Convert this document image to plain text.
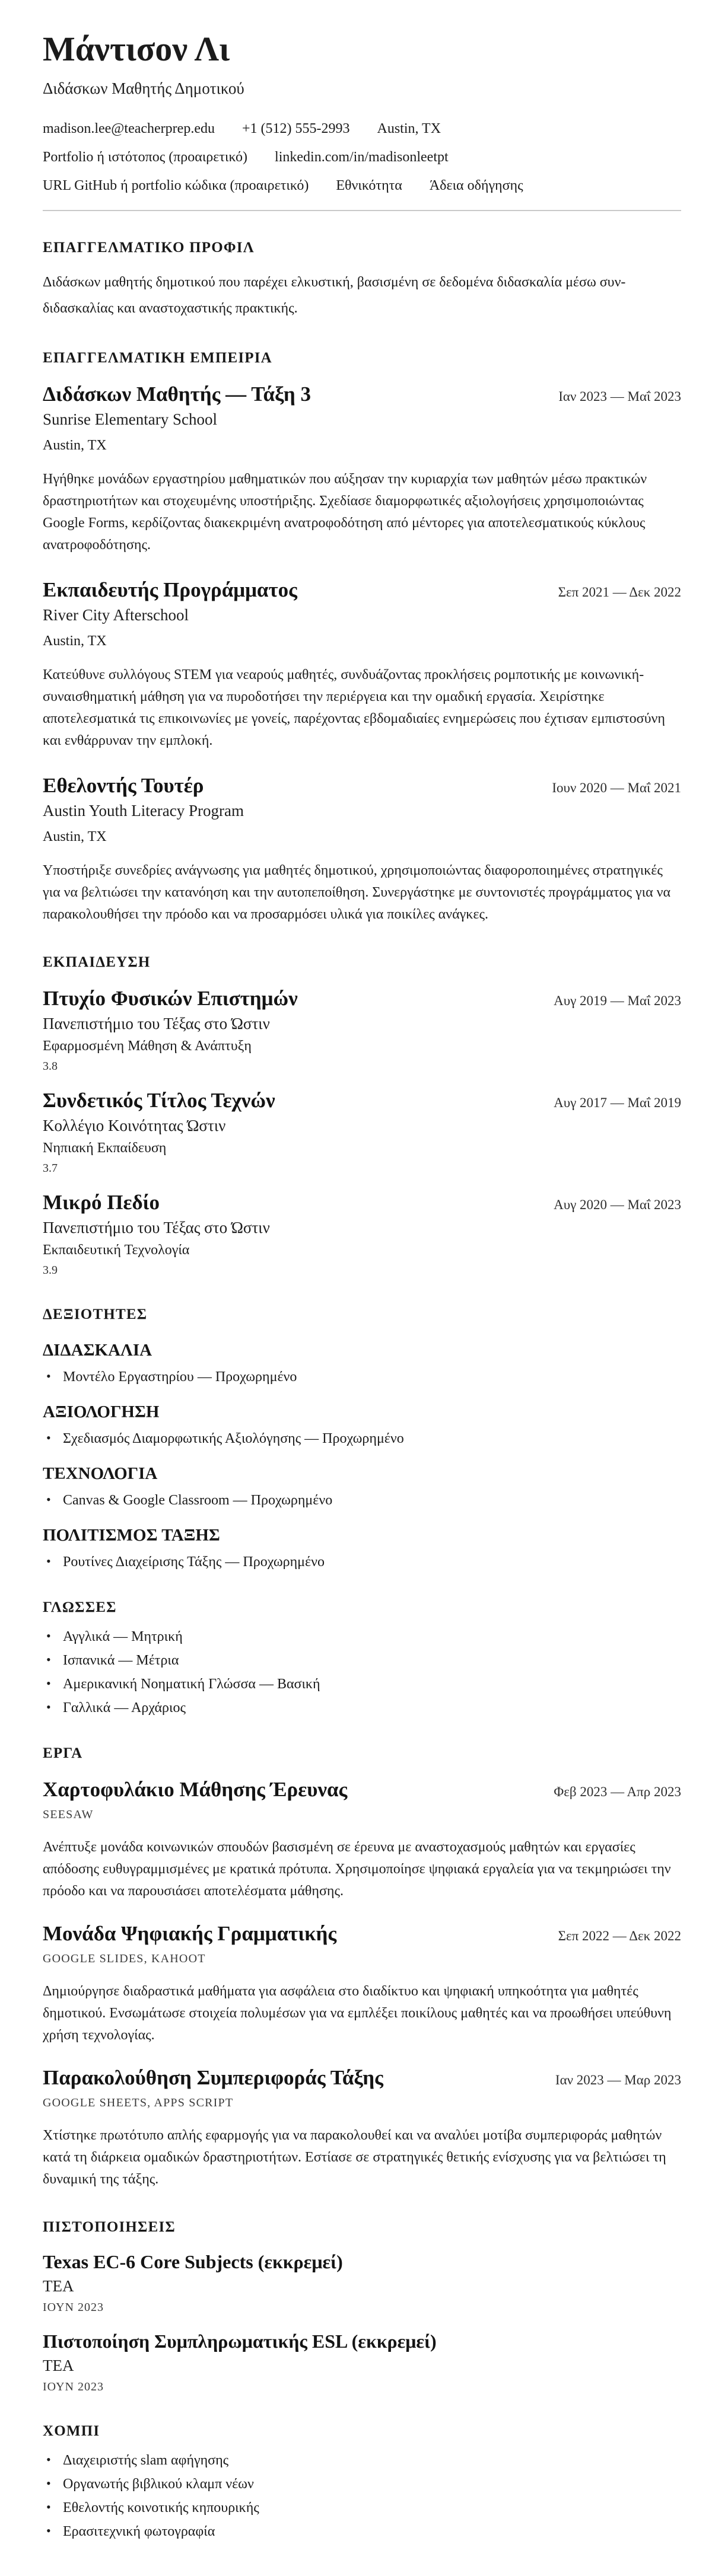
Μάντισον Λι
Διδάσκων Μαθητής Δημοτικού
madison.lee@teacherprep.edu +1 (512) 555-2993 Austin, TX
Portfolio ή ιστότοπος (προαιρετικό) linkedin.com/in/madisonleetpt
URL GitHub ή portfolio κώδικα (προαιρετικό) Εθνικότητα Άδεια οδήγησης
ΕΠΑΓΓΕΛΜΑΤΙΚΟ ΠΡΟΦΙΛ

Διδάσκων μαθητής δημοτικού που παρέχει ελκυστική, βασισμένη σε δεδομένα διδασκαλία μέσω συν-διδασκαλίας και αναστοχαστικής πρακτικής.

ΕΠΑΓΓΕΛΜΑΤΙΚΗ ΕΜΠΕΙΡΙΑ
Διδάσκων Μαθητής — Τάξη 3	Ιαν 2023 — Μαΐ 2023
Sunrise Elementary School
Austin, TX

Ηγήθηκε μονάδων εργαστηρίου μαθηματικών που αύξησαν την κυριαρχία των μαθητών μέσω πρακτικών δραστηριοτήτων και στοχευμένης υποστήριξης. Σχεδίασε διαμορφωτικές αξιολογήσεις χρησιμοποιώντας Google Forms, κερδίζοντας διακεκριμένη ανατροφοδότηση από μέντορες για αποτελεσματικούς κύκλους ανατροφοδότησης.

Εκπαιδευτής Προγράμματος	Σεπ 2021 — Δεκ 2022
River City Afterschool
Austin, TX

Κατεύθυνε συλλόγους STEM για νεαρούς μαθητές, συνδυάζοντας προκλήσεις ρομποτικής με κοινωνική-συναισθηματική μάθηση για να πυροδοτήσει την περιέργεια και την ομαδική εργασία. Χειρίστηκε αποτελεσματικά τις επικοινωνίες με γονείς, παρέχοντας εβδομαδιαίες ενημερώσεις που έχτισαν εμπιστοσύνη και ενθάρρυναν την εμπλοκή.

Εθελοντής Τουτέρ	Ιουν 2020 — Μαΐ 2021
Austin Youth Literacy Program
Austin, TX

Υποστήριξε συνεδρίες ανάγνωσης για μαθητές δημοτικού, χρησιμοποιώντας διαφοροποιημένες στρατηγικές για να βελτιώσει την κατανόηση και την αυτοπεποίθηση. Συνεργάστηκε με συντονιστές προγράμματος για να παρακολουθήσει την πρόοδο και να προσαρμόσει υλικά για ποικίλες ανάγκες.

ΕΚΠΑΙΔΕΥΣΗ
Πτυχίο Φυσικών Επιστημών	Αυγ 2019 — Μαΐ 2023
Πανεπιστήμιο του Τέξας στο Ώστιν
Εφαρμοσμένη Μάθηση & Ανάπτυξη
3.8
Συνδετικός Τίτλος Τεχνών	Αυγ 2017 — Μαΐ 2019
Κολλέγιο Κοινότητας Ώστιν
Νηπιακή Εκπαίδευση
3.7
Μικρό Πεδίο	Αυγ 2020 — Μαΐ 2023
Πανεπιστήμιο του Τέξας στο Ώστιν
Εκπαιδευτική Τεχνολογία
3.9
ΔΕΞΙΟΤΗΤΕΣ
ΔΙΔΑΣΚΑΛΙΑ
• Μοντέλο Εργαστηρίου — Προχωρημένο
ΑΞΙΟΛΟΓΗΣΗ
• Σχεδιασμός Διαμορφωτικής Αξιολόγησης — Προχωρημένο
ΤΕΧΝΟΛΟΓΙΑ
• Canvas & Google Classroom — Προχωρημένο
ΠΟΛΙΤΙΣΜΟΣ ΤΑΞΗΣ
• Ρουτίνες Διαχείρισης Τάξης — Προχωρημένο
ΓΛΩΣΣΕΣ
• Αγγλικά — Μητρική
• Ισπανικά — Μέτρια
• Αμερικανική Νοηματική Γλώσσα — Βασική
• Γαλλικά — Αρχάριος
ΕΡΓΑ
Χαρτοφυλάκιο Μάθησης Έρευνας	Φεβ 2023 — Απρ 2023
SEESAW

Ανέπτυξε μονάδα κοινωνικών σπουδών βασισμένη σε έρευνα με αναστοχασμούς μαθητών και εργασίες απόδοσης ευθυγραμμισμένες με κρατικά πρότυπα. Χρησιμοποίησε ψηφιακά εργαλεία για να τεκμηριώσει την πρόοδο και να παρουσιάσει αποτελέσματα μάθησης.

Μονάδα Ψηφιακής Γραμματικής	Σεπ 2022 — Δεκ 2022
GOOGLE SLIDES, KAHOOT

Δημιούργησε διαδραστικά μαθήματα για ασφάλεια στο διαδίκτυο και ψηφιακή υπηκοότητα για μαθητές δημοτικού. Ενσωμάτωσε στοιχεία πολυμέσων για να εμπλέξει ποικίλους μαθητές και να προωθήσει υπεύθυνη χρήση τεχνολογίας.

Παρακολούθηση Συμπεριφοράς Τάξης	Ιαν 2023 — Μαρ 2023
GOOGLE SHEETS, APPS SCRIPT

Χτίστηκε πρωτότυπο απλής εφαρμογής για να παρακολουθεί και να αναλύει μοτίβα συμπεριφοράς μαθητών κατά τη διάρκεια ομαδικών δραστηριοτήτων. Εστίασε σε στρατηγικές θετικής ενίσχυσης για να βελτιώσει τη δυναμική της τάξης.

ΠΙΣΤΟΠΟΙΗΣΕΙΣ
Texas EC-6 Core Subjects (εκκρεμεί)
TEA
ΙΟΥΝ 2023
Πιστοποίηση Συμπληρωματικής ESL (εκκρεμεί)
TEA
ΙΟΥΝ 2023
ΧΟΜΠΙ
• Διαχειριστής slam αφήγησης
• Οργανωτής βιβλικού κλαμπ νέων
• Εθελοντής κοινοτικής κηπουρικής
• Ερασιτεχνική φωτογραφία
